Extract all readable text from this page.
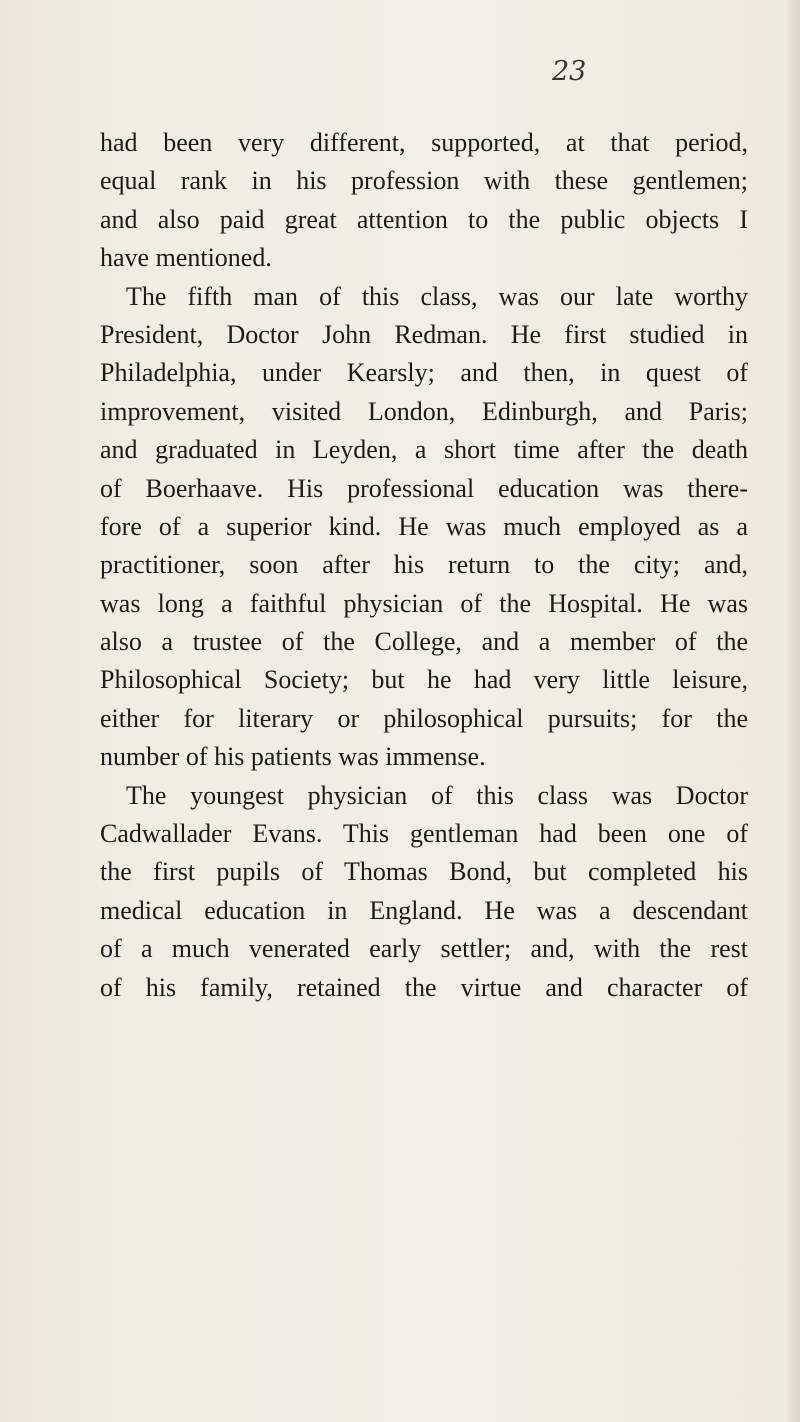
23

had been very different, supported, at that period,
equal rank in his profession with these gentlemen;
and also paid great attention to the public objects I
have mentioned.
The fifth man of this class, was our late worthy
President, Doctor John Redman. He first studied in
Philadelphia, under Kearsly; and then, in quest of
improvement, visited London, Edinburgh, and Paris;
and graduated in Leyden, a short time after the death
of Boerhaave. His professional education was there-
fore of a superior kind. He was much employed as a
practitioner, soon after his return to the city; and,
was long a faithful physician of the Hospital. He was
also a trustee of the College, and a member of the
Philosophical Society; but he had very little leisure,
either for literary or philosophical pursuits; for the
number of his patients was immense.
The youngest physician of this class was Doctor
Cadwallader Evans. This gentleman had been one of
the first pupils of Thomas Bond, but completed his
medical education in England. He was a descendant
of a much venerated early settler; and, with the rest
of his family, retained the virtue and character of
